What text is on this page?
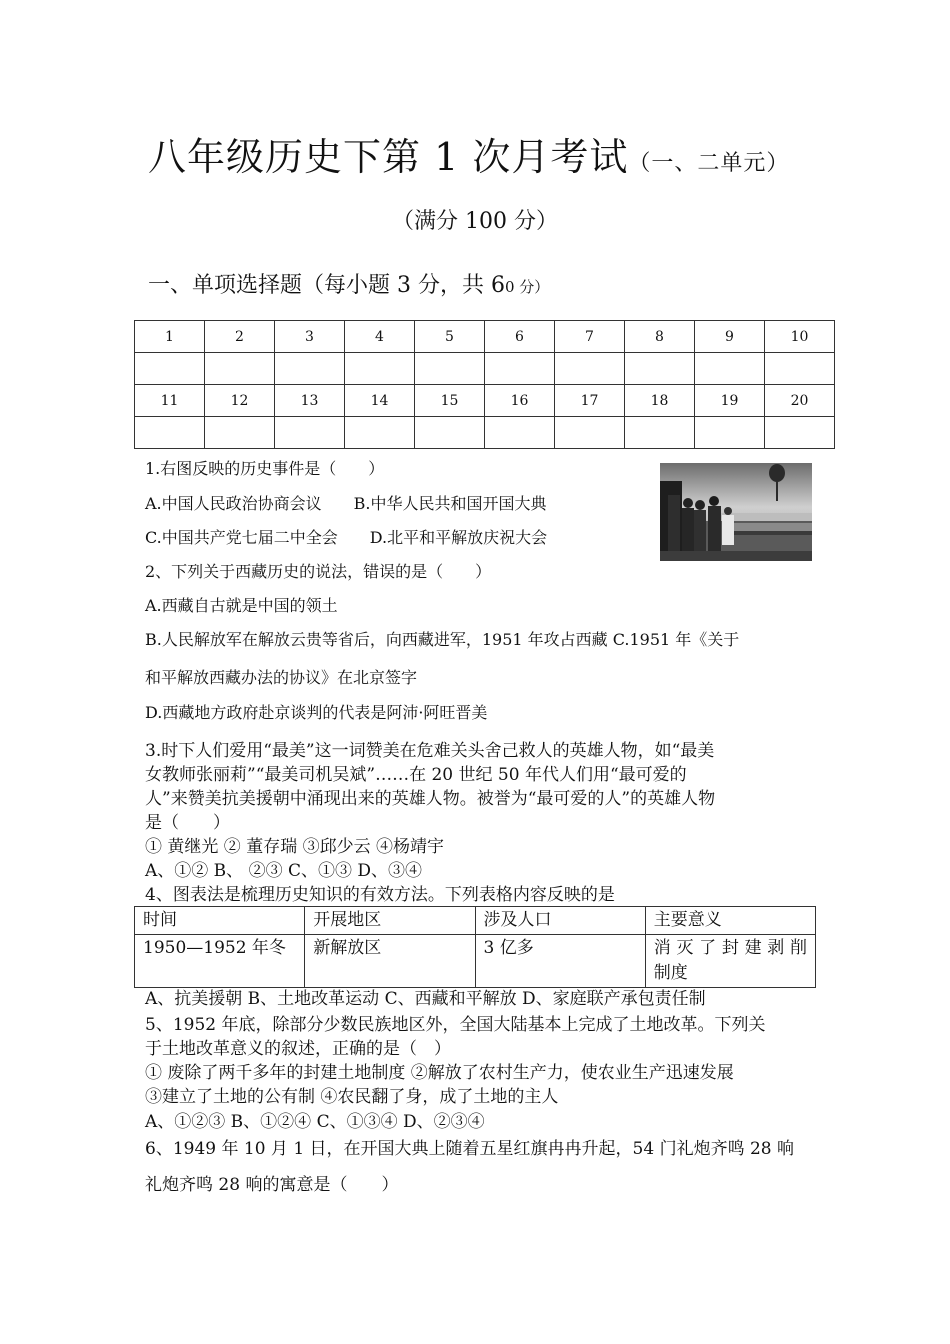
八年级历史下第 1 次月考试（一、二单元）
（满分 100 分）
一、单项选择题（每小题 3 分，共 60 分）
1	2	3	4	5	6	7	8	9	10

11	12	13	14	15	16	17	18	19	20

1.右图反映的历史事件是（　　）
A.中国人民政治协商会议　　B.中华人民共和国开国大典
C.中国共产党七届二中全会　　D.北平和平解放庆祝大会
2、下列关于西藏历史的说法，错误的是（　　）
A.西藏自古就是中国的领土
B.人民解放军在解放云贵等省后，向西藏进军，1951 年攻占西藏 C.1951 年《关于
和平解放西藏办法的协议》在北京签字
D.西藏地方政府赴京谈判的代表是阿沛·阿旺晋美
3.时下人们爱用“最美”这一词赞美在危难关头舍己救人的英雄人物，如“最美
女教师张丽莉”“最美司机吴斌”……在 20 世纪 50 年代人们用“最可爱的
人”来赞美抗美援朝中涌现出来的英雄人物。被誉为“最可爱的人”的英雄人物
是（　　）
① 黄继光 ② 董存瑞 ③邱少云 ④杨靖宇
A、①② B、 ②③ C、①③ D、③④
4、图表法是梳理历史知识的有效方法。下列表格内容反映的是
时间	开展地区	涉及人口	主要意义
1950—1952 年冬	新解放区	3 亿多	消灭了封建剥削
制度
A、抗美援朝 B、土地改革运动 C、西藏和平解放 D、家庭联产承包责任制
5、1952 年底，除部分少数民族地区外，全国大陆基本上完成了土地改革。下列关
于土地改革意义的叙述，正确的是（　）
① 废除了两千多年的封建土地制度 ②解放了农村生产力，使农业生产迅速发展
③建立了土地的公有制 ④农民翻了身，成了土地的主人
A、①②③ B、①②④ C、①③④ D、②③④
6、1949 年 10 月 1 日，在开国大典上随着五星红旗冉冉升起，54 门礼炮齐鸣 28 响
礼炮齐鸣 28 响的寓意是（　　）
